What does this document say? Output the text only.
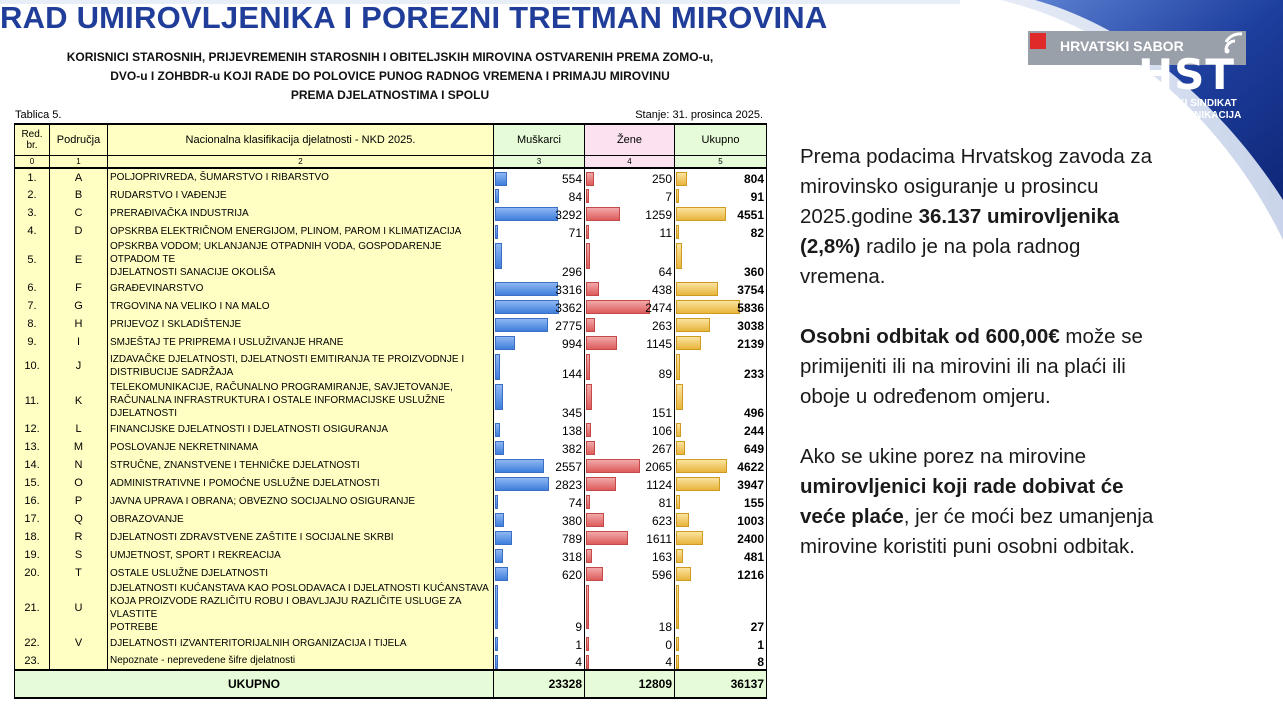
RAD UMIROVLJENIKA I POREZNI TRETMAN MIROVINA
KORISNICI STAROSNIH, PRIJEVREMENIH STAROSNIH I OBITELJSKIH MIROVINA OSTVARENIH PREMA ZOMO-u,
DVO-u I ZOHBDR-u KOJI RADE DO POLOVICE PUNOG RADNOG VREMENA I PRIMAJU MIROVINU
PREMA DJELATNOSTIMA I SPOLU
Tablica 5.	Stanje: 31. prosinca 2025.
Red. br.	Područja	Nacionalna klasifikacija djelatnosti - NKD 2025.	Muškarci	Žene	Ukupno
0	1	2	3	4	5
1.	A	POLJOPRIVREDA, ŠUMARSTVO I RIBARSTVO	554	250	804
2.	B	RUDARSTVO I VAĐENJE	84	7	91
3.	C	PRERAĐIVAČKA INDUSTRIJA	3292	1259	4551
4.	D	OPSKRBA ELEKTRIČNOM ENERGIJOM, PLINOM, PAROM I KLIMATIZACIJA	71	11	82
5.	E	OPSKRBA VODOM; UKLANJANJE OTPADNIH VODA, GOSPODARENJE OTPADOM TE
DJELATNOSTI SANACIJE OKOLIŠA	296	64	360
6.	F	GRAĐEVINARSTVO	3316	438	3754
7.	G	TRGOVINA NA VELIKO I NA MALO	3362	2474	5836
8.	H	PRIJEVOZ I SKLADIŠTENJE	2775	263	3038
9.	I	SMJEŠTAJ TE PRIPREMA I USLUŽIVANJE HRANE	994	1145	2139
10.	J	IZDAVAČKE DJELATNOSTI, DJELATNOSTI EMITIRANJA TE PROIZVODNJE I
DISTRIBUCIJE SADRŽAJA	144	89	233
11.	K	TELEKOMUNIKACIJE, RAČUNALNO PROGRAMIRANJE, SAVJETOVANJE,
RAČUNALNA INFRASTRUKTURA I OSTALE INFORMACIJSKE USLUŽNE DJELATNOSTI	345	151	496
12.	L	FINANCIJSKE DJELATNOSTI I DJELATNOSTI OSIGURANJA	138	106	244
13.	M	POSLOVANJE NEKRETNINAMA	382	267	649
14.	N	STRUČNE, ZNANSTVENE I TEHNIČKE DJELATNOSTI	2557	2065	4622
15.	O	ADMINISTRATIVNE I POMOĆNE USLUŽNE DJELATNOSTI	2823	1124	3947
16.	P	JAVNA UPRAVA I OBRANA; OBVEZNO SOCIJALNO OSIGURANJE	74	81	155
17.	Q	OBRAZOVANJE	380	623	1003
18.	R	DJELATNOSTI ZDRAVSTVENE ZAŠTITE I SOCIJALNE SKRBI	789	1611	2400
19.	S	UMJETNOST, SPORT I REKREACIJA	318	163	481
20.	T	OSTALE USLUŽNE DJELATNOSTI	620	596	1216
21.	U	DJELATNOSTI KUĆANSTAVA KAO POSLODAVACA I DJELATNOSTI KUĆANSTAVA
KOJA PROIZVODE RAZLIČITU ROBU I OBAVLJAJU RAZLIČITE USLUGE ZA VLASTITE
POTREBE	9	18	27
22.	V	DJELATNOSTI IZVANTERITORIJALNIH ORGANIZACIJA I TIJELA	1	0	1
23.		Nepoznate - neprevedene šifre djelatnosti	4	4	8
UKUPNO			23328	12809	36137

Prema podacima Hrvatskog zavoda za mirovinsko osiguranje u prosincu 2025.godine 36.137 umirovljenika (2,8%) radilo je na pola radnog vremena.

Osobni odbitak od 600,00€ može se primijeniti ili na mirovini ili na plaći ili oboje u određenom omjeru.

Ako se ukine porez na mirovine umirovljenici koji rade dobivat će veće plaće, jer će moći bez umanjenja mirovine koristiti puni osobni odbitak.

HRVATSKI SABOR
HST
HRVATSKI SINDIKAT
TELEKOMUNIKACIJA
